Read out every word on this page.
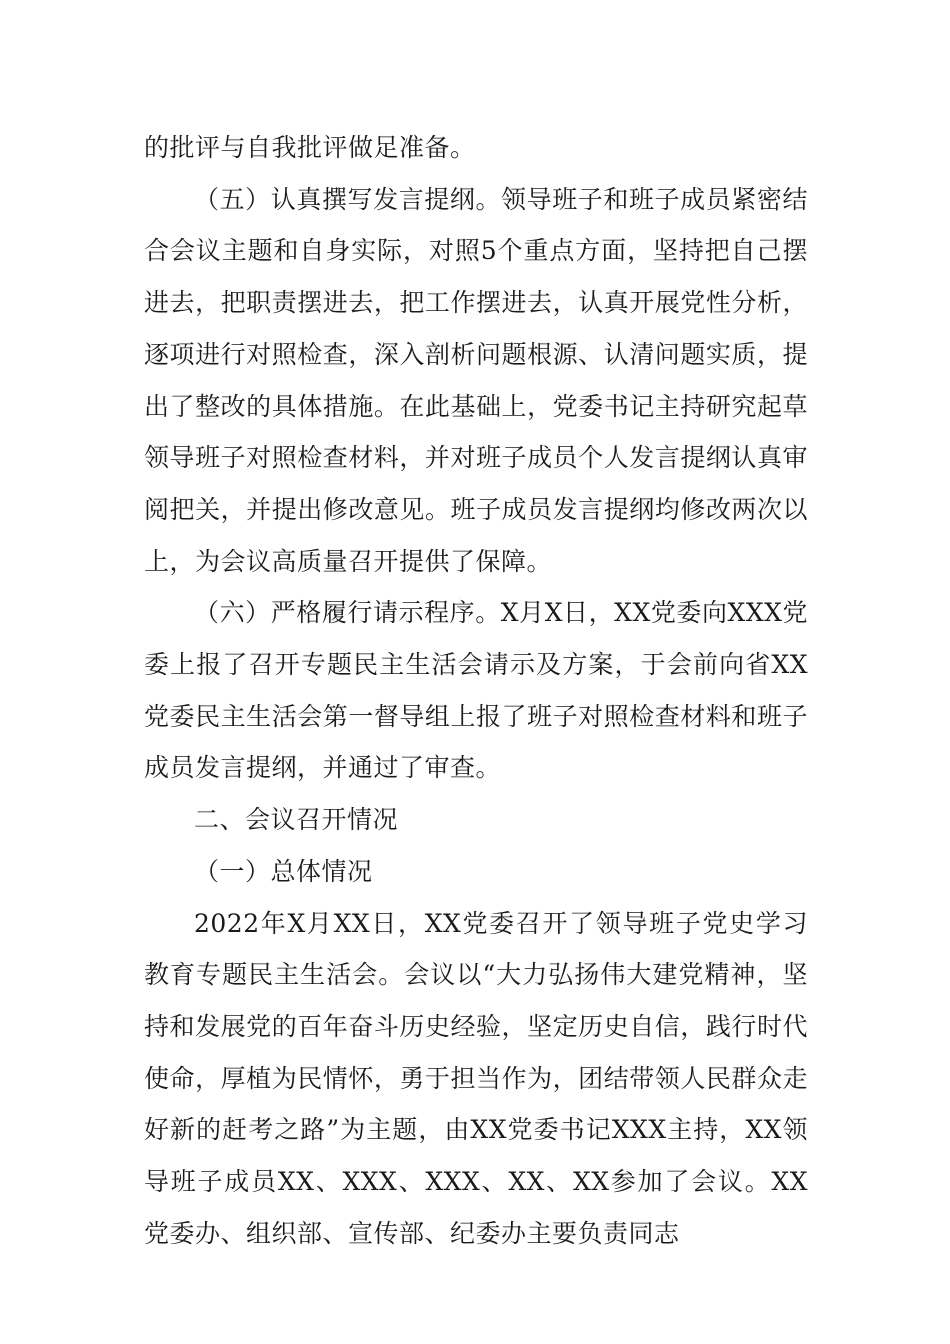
的批评与自我批评做足准备。

（五）认真撰写发言提纲。领导班子和班子成员紧密结合会议主题和自身实际，对照5个重点方面，坚持把自己摆进去，把职责摆进去，把工作摆进去，认真开展党性分析，逐项进行对照检查，深入剖析问题根源、认清问题实质，提出了整改的具体措施。在此基础上，党委书记主持研究起草领导班子对照检查材料，并对班子成员个人发言提纲认真审阅把关，并提出修改意见。班子成员发言提纲均修改两次以上，为会议高质量召开提供了保障。

（六）严格履行请示程序。X月X日，XX党委向XXX党委上报了召开专题民主生活会请示及方案，于会前向省XX党委民主生活会第一督导组上报了班子对照检查材料和班子成员发言提纲，并通过了审查。

二、会议召开情况

（一）总体情况

2022年X月XX日，XX党委召开了领导班子党史学习教育专题民主生活会。会议以“大力弘扬伟大建党精神，坚持和发展党的百年奋斗历史经验，坚定历史自信，践行时代使命，厚植为民情怀，勇于担当作为，团结带领人民群众走好新的赶考之路”为主题，由XX党委书记XXX主持，XX领导班子成员XX、XXX、XXX、XX、XX参加了会议。XX党委办、组织部、宣传部、纪委办主要负责同志
